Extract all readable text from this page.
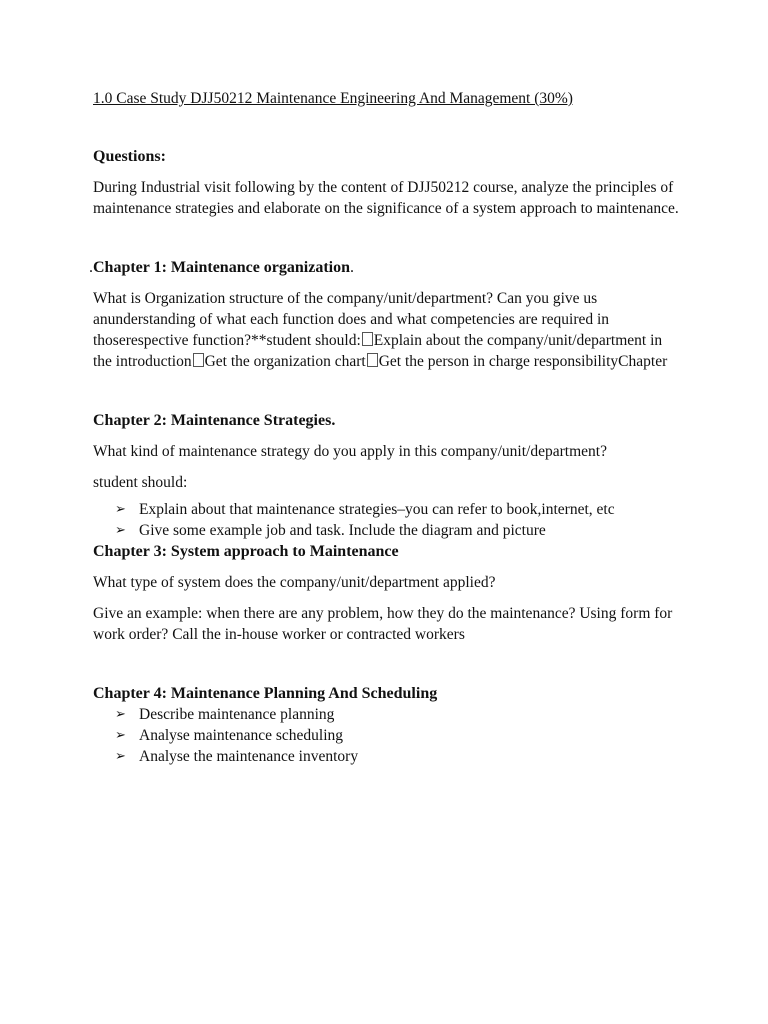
1.0 Case Study DJJ50212 Maintenance Engineering And Management (30%)

Questions:

During Industrial visit following by the content of DJJ50212 course, analyze the principles of maintenance strategies and elaborate on the significance of a system approach to maintenance.

.Chapter 1: Maintenance organization.

What is Organization structure of the company/unit/department? Can you give us anunderstanding of what each function does and what competencies are required in thoserespective function?**student should: Explain about the company/unit/department in the introduction Get the organization chart Get the person in charge responsibilityChapter

Chapter 2: Maintenance Strategies.

What kind of maintenance strategy do you apply in this company/unit/department?

student should:

➢ Explain about that maintenance strategies–you can refer to book,internet, etc
➢ Give some example job and task. Include the diagram and picture

Chapter 3: System approach to Maintenance

What type of system does the company/unit/department applied?

Give an example: when there are any problem, how they do the maintenance? Using form for work order? Call the in-house worker or contracted workers

Chapter 4: Maintenance Planning And Scheduling

➢ Describe maintenance planning
➢ Analyse maintenance scheduling
➢ Analyse the maintenance inventory
